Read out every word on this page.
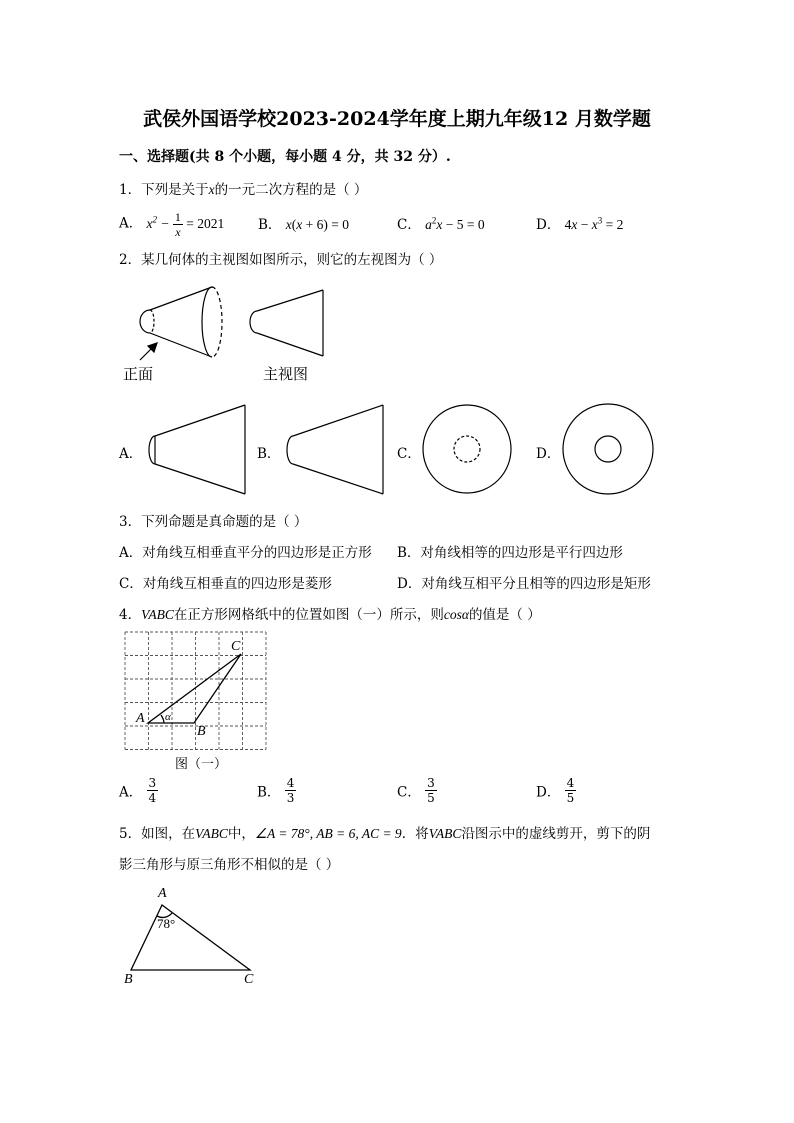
武侯外国语学校2023-2024学年度上期九年级12 月数学题
一、选择题(共 8 个小题，每小题 4 分，共 32 分）.
1．下列是关于x的一元二次方程的是（ ）
A． $x^2 - \frac{1}{x} = 2021$ B． x(x + 6) = 0	C． $a^2x - 5 = 0$	D． $4x - x^3 = 2$
2．某几何体的主视图如图所示，则它的左视图为（ ）
正面	主视图
A．	B．	C．	D．
3．下列命题是真命题的是（ ）
A．对角线互相垂直平分的四边形是正方形 B．对角线相等的四边形是平行四边形
C．对角线互相垂直的四边形是菱形	D．对角线互相平分且相等的四边形是矩形
4．VABC在正方形网格纸中的位置如图（一）所示，则cosα的值是（ ）
C
A
B
α
图（一）
A． $\frac{3}{4}$	B． $\frac{4}{3}$	C． $\frac{3}{5}$	D． $\frac{4}{5}$
5．如图，在VABC中，∠A = 78°, AB = 6, AC = 9．将VABC沿图示中的虚线剪开，剪下的阴
影三角形与原三角形不相似的是（ ）
A
B	C
78°
